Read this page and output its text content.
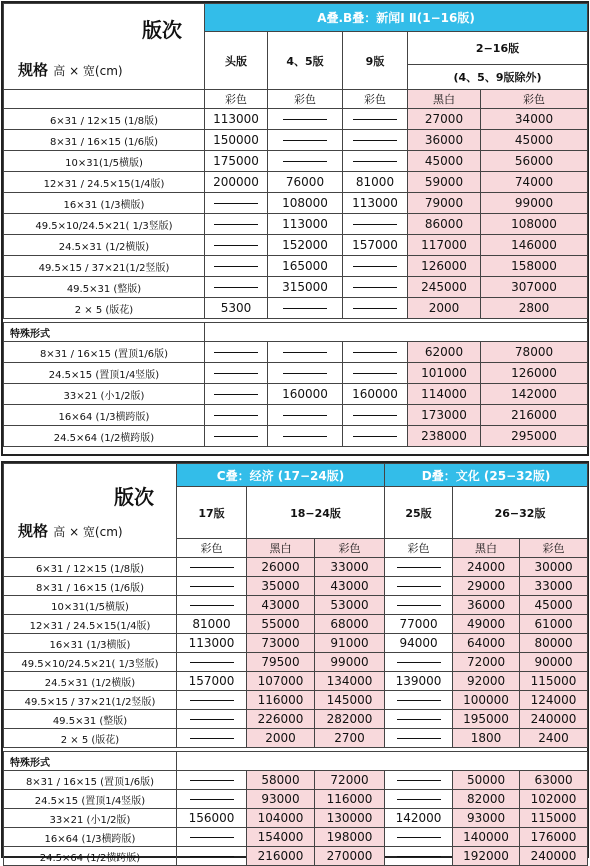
版次
规格 高 × 宽(cm)	A叠.B叠：新闻Ⅰ Ⅱ(1−16版)				
	头版	4、5版	9版	2−16版	
				(4、5、9版除外)	
	彩色	彩色	彩色	黑白	彩色
6×31 / 12×15 (1/8版)	113000			27000	34000
8×31 / 16×15 (1/6版)	150000			36000	45000
10×31(1/5横版)	175000			45000	56000
12×31 / 24.5×15(1/4版)	200000	76000	81000	59000	74000
16×31 (1/3横版)		108000	113000	79000	99000
49.5×10/24.5×21( 1/3竖版)		113000		86000	108000
24.5×31 (1/2横版)		152000	157000	117000	146000
49.5×15 / 37×21(1/2竖版)		165000		126000	158000
49.5×31 (整版)		315000		245000	307000
2 × 5 (版花)	5300			2000	2800

特殊形式					
8×31 / 16×15 (置顶1/6版)				62000	78000
24.5×15 (置顶1/4竖版)				101000	126000
33×21 (小1/2版)		160000	160000	114000	142000
16×64 (1/3横跨版)				173000	216000
24.5×64 (1/2横跨版)				238000	295000
版次
规格 高 × 宽(cm)	C叠：经济 (17−24版)			D叠：文化 (25−32版)		
	17版	18−24版		25版	26−32版	
	彩色	黑白	彩色	彩色	黑白	彩色
6×31 / 12×15 (1/8版)		26000	33000		24000	30000
8×31 / 16×15 (1/6版)		35000	43000		29000	33000
10×31(1/5横版)		43000	53000		36000	45000
12×31 / 24.5×15(1/4版)	81000	55000	68000	77000	49000	61000
16×31 (1/3横版)	113000	73000	91000	94000	64000	80000
49.5×10/24.5×21( 1/3竖版)		79500	99000		72000	90000
24.5×31 (1/2横版)	157000	107000	134000	139000	92000	115000
49.5×15 / 37×21(1/2竖版)		116000	145000		100000	124000
49.5×31 (整版)		226000	282000		195000	240000
2 × 5 (版花)		2000	2700		1800	2400

特殊形式						
8×31 / 16×15 (置顶1/6版)		58000	72000		50000	63000
24.5×15 (置顶1/4竖版)		93000	116000		82000	102000
33×21 (小1/2版)	156000	104000	130000	142000	93000	115000
16×64 (1/3横跨版)		154000	198000		140000	176000
24.5×64 (1/2横跨版)		216000	270000		192000	240000
